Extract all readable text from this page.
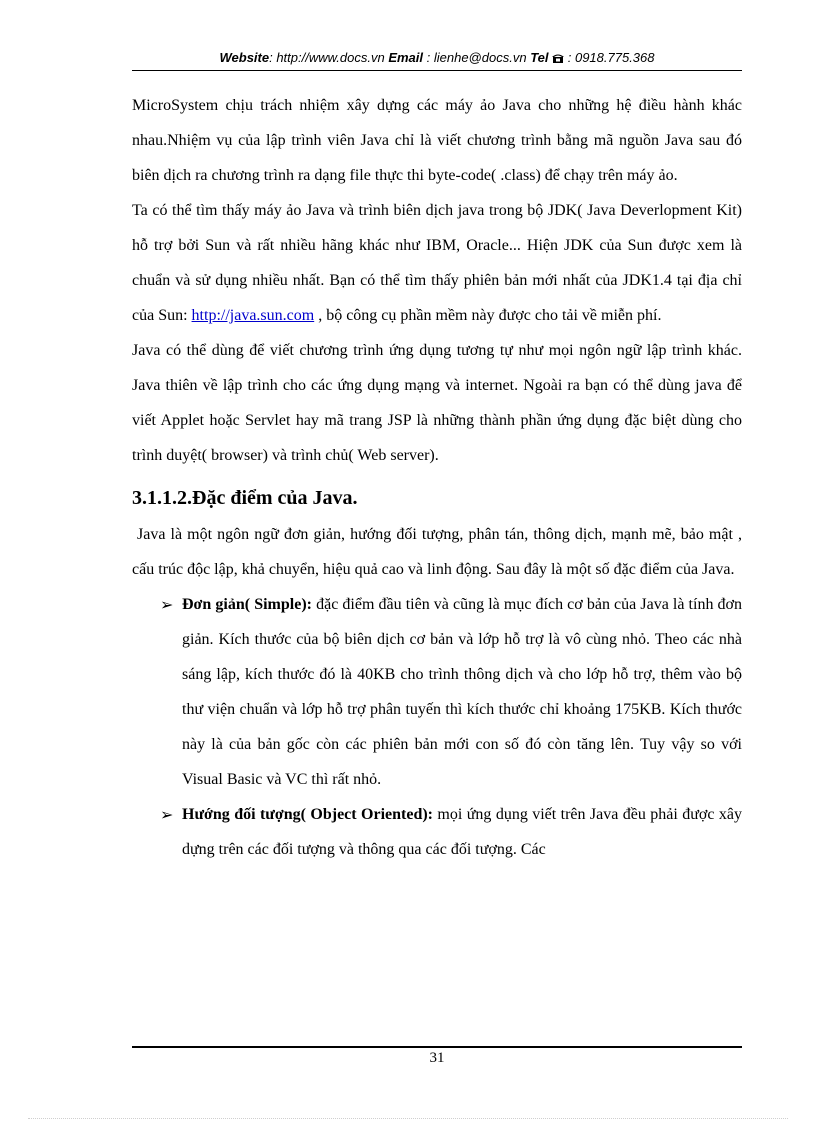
Website: http://www.docs.vn Email : lienhe@docs.vn Tel : 0918.775.368

MicroSystem chịu trách nhiệm xây dựng các máy ảo Java cho những hệ điều hành khác nhau.Nhiệm vụ của lập trình viên Java chỉ là viết chương trình bằng mã nguồn Java sau đó biên dịch ra chương trình ra dạng file thực thi byte-code( .class) để chạy trên máy ảo.

Ta có thể tìm thấy máy ảo Java và trình biên dịch java trong bộ JDK( Java Deverlopment Kit) hỗ trợ bởi Sun và rất nhiều hãng khác như IBM, Oracle... Hiện JDK của Sun được xem là chuẩn và sử dụng nhiều nhất. Bạn có thể tìm thấy phiên bản mới nhất của JDK1.4 tại địa chỉ của Sun: http://java.sun.com , bộ công cụ phần mềm này được cho tải về miễn phí.

Java có thể dùng để viết chương trình ứng dụng tương tự như mọi ngôn ngữ lập trình khác. Java thiên về lập trình cho các ứng dụng mạng và internet. Ngoài ra bạn có thể dùng java để viết Applet hoặc Servlet hay mã trang JSP là những thành phần ứng dụng đặc biệt dùng cho trình duyệt( browser) và trình chủ( Web server).

3.1.1.2.Đặc điểm của Java.

Java là một ngôn ngữ đơn giản, hướng đối tượng, phân tán, thông dịch, mạnh mẽ, bảo mật , cấu trúc độc lập, khả chuyển, hiệu quả cao và linh động. Sau đây là một số đặc điểm của Java.

➢ Đơn giản( Simple): đặc điểm đầu tiên và cũng là mục đích cơ bản của Java là tính đơn giản. Kích thước của bộ biên dịch cơ bản và lớp hỗ trợ là vô cùng nhỏ. Theo các nhà sáng lập, kích thước đó là 40KB cho trình thông dịch và cho lớp hỗ trợ, thêm vào bộ thư viện chuẩn và lớp hỗ trợ phân tuyến thì kích thước chỉ khoảng 175KB. Kích thước này là của bản gốc còn các phiên bản mới con số đó còn tăng lên. Tuy vậy so với Visual Basic và VC thì rất nhỏ.

➢ Hướng đối tượng( Object Oriented): mọi ứng dụng viết trên Java đều phải được xây dựng trên các đối tượng và thông qua các đối tượng. Các

31
